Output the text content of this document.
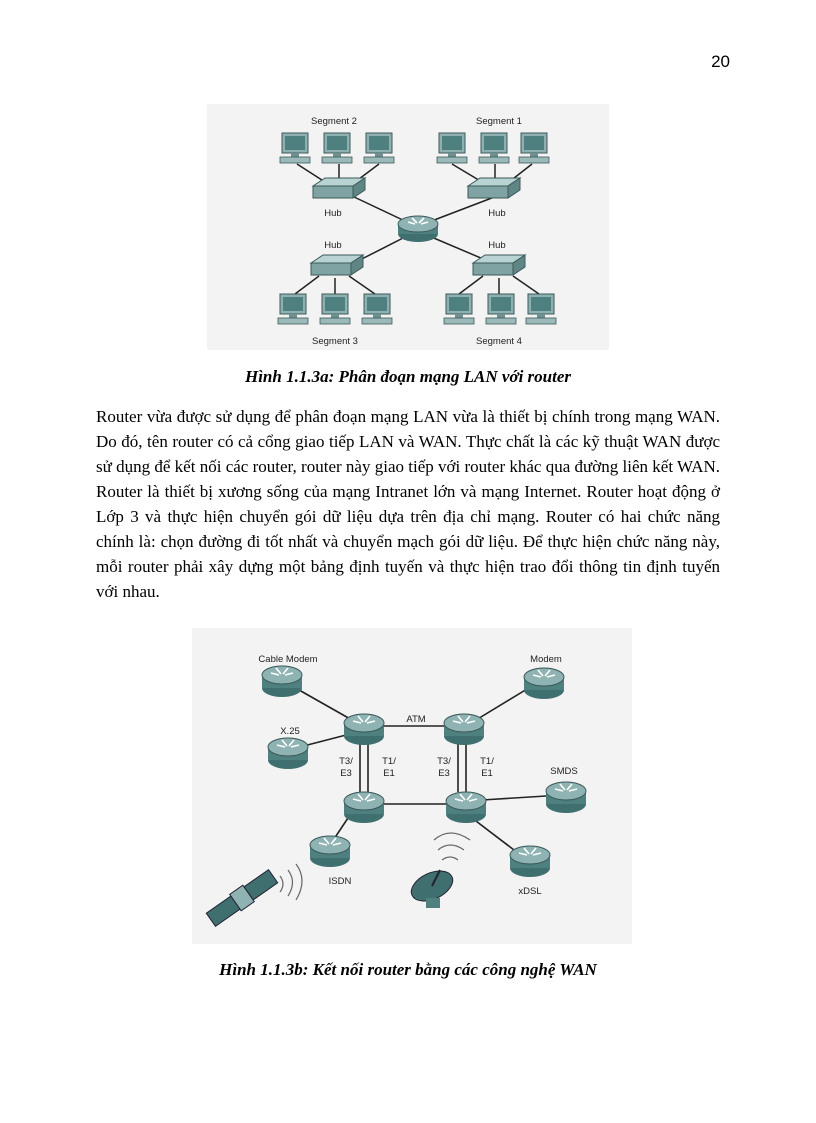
20
Segment 2	Segment 1
Hub	Hub
Hub	Hub
Segment 3	Segment 4
Hình 1.1.3a: Phân đoạn mạng LAN với router

Router vừa được sử dụng để phân đoạn mạng LAN vừa là thiết bị chính trong mạng WAN. Do đó, tên router có cả cổng giao tiếp LAN và WAN. Thực chất là các kỹ thuật WAN được sử dụng để kết nối các router, router này giao tiếp với router khác qua đường liên kết WAN. Router là thiết bị xương sống của mạng Intranet lớn và mạng Internet. Router hoạt động ở Lớp 3 và thực hiện chuyển gói dữ liệu dựa trên địa chỉ mạng. Router có hai chức năng chính là: chọn đường đi tốt nhất và chuyển mạch gói dữ liệu. Để thực hiện chức năng này, mỗi router phải xây dựng một bảng định tuyến và thực hiện trao đổi thông tin định tuyến với nhau.

Cable Modem	Modem
ATM
X.25
T3/
E3
T1/
E1
T3/
E3
T1/
E1	SMDS
ISDN
xDSL
Hình 1.1.3b: Kết nối router bằng các công nghệ WAN
